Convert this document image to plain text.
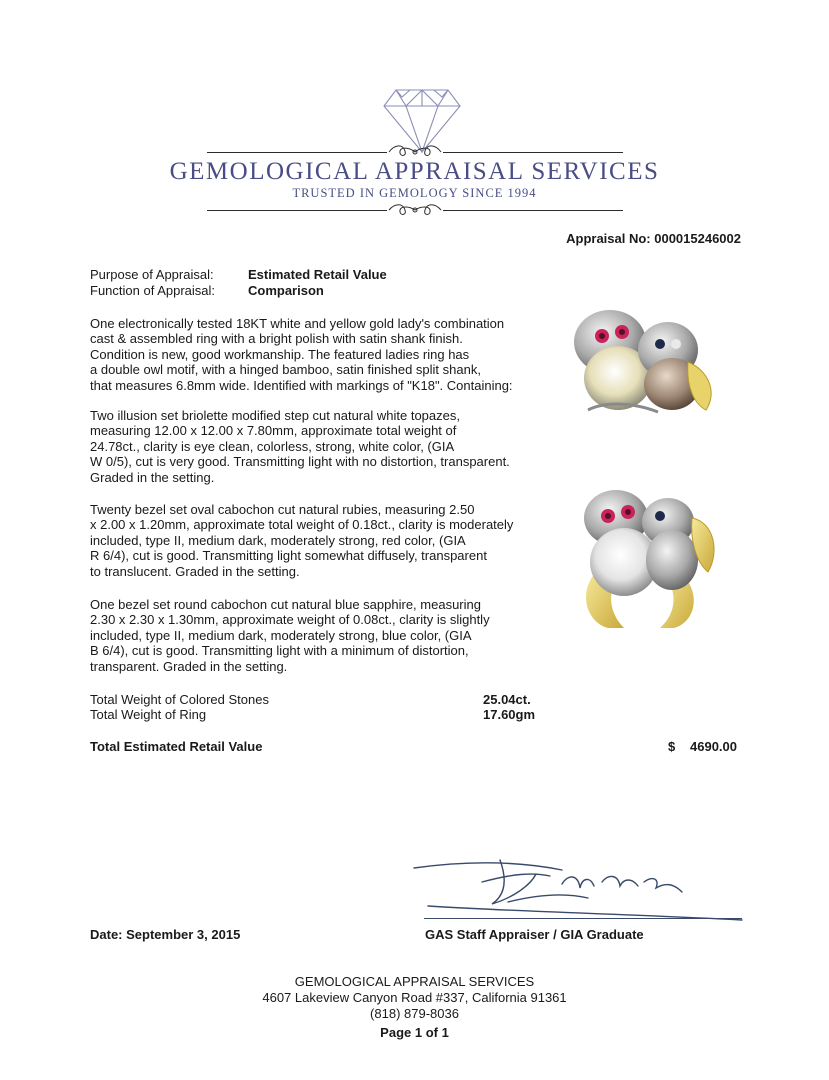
GEMOLOGICAL APPRAISAL SERVICES
TRUSTED IN GEMOLOGY SINCE 1994
Appraisal No: 000015246002
Purpose of Appraisal:	Estimated Retail Value
Function of Appraisal:	Comparison
One electronically tested 18KT white and yellow gold lady's combination
cast & assembled ring with a bright polish with satin shank finish.
Condition is new, good workmanship. The featured ladies ring has
a double owl motif, with a hinged bamboo, satin finished split shank,
that measures 6.8mm wide. Identified with markings of "K18". Containing:
Two illusion set briolette modified step cut natural white topazes,
measuring 12.00 x 12.00 x 7.80mm, approximate total weight of
24.78ct., clarity is eye clean, colorless, strong, white color, (GIA
W 0/5), cut is very good. Transmitting light with no distortion, transparent.
Graded in the setting.
Twenty bezel set oval cabochon cut natural rubies, measuring 2.50
x 2.00 x 1.20mm, approximate total weight of 0.18ct., clarity is moderately
included, type II, medium dark, moderately strong, red color, (GIA
R 6/4), cut is good. Transmitting light somewhat diffusely, transparent
to translucent. Graded in the setting.
One bezel set round cabochon cut natural blue sapphire, measuring
2.30 x 2.30 x 1.30mm, approximate weight of 0.08ct., clarity is slightly
included, type II, medium dark, moderately strong, blue color, (GIA
B 6/4), cut is good. Transmitting light with a minimum of distortion,
transparent. Graded in the setting.
Total Weight of Colored Stones	25.04ct.
Total Weight of Ring	17.60gm
Total Estimated Retail Value	$ 4690.00
Date: September 3, 2015	GAS Staff Appraiser / GIA Graduate
GEMOLOGICAL APPRAISAL SERVICES
4607 Lakeview Canyon Road #337, California 91361
(818) 879-8036
Page 1 of 1
